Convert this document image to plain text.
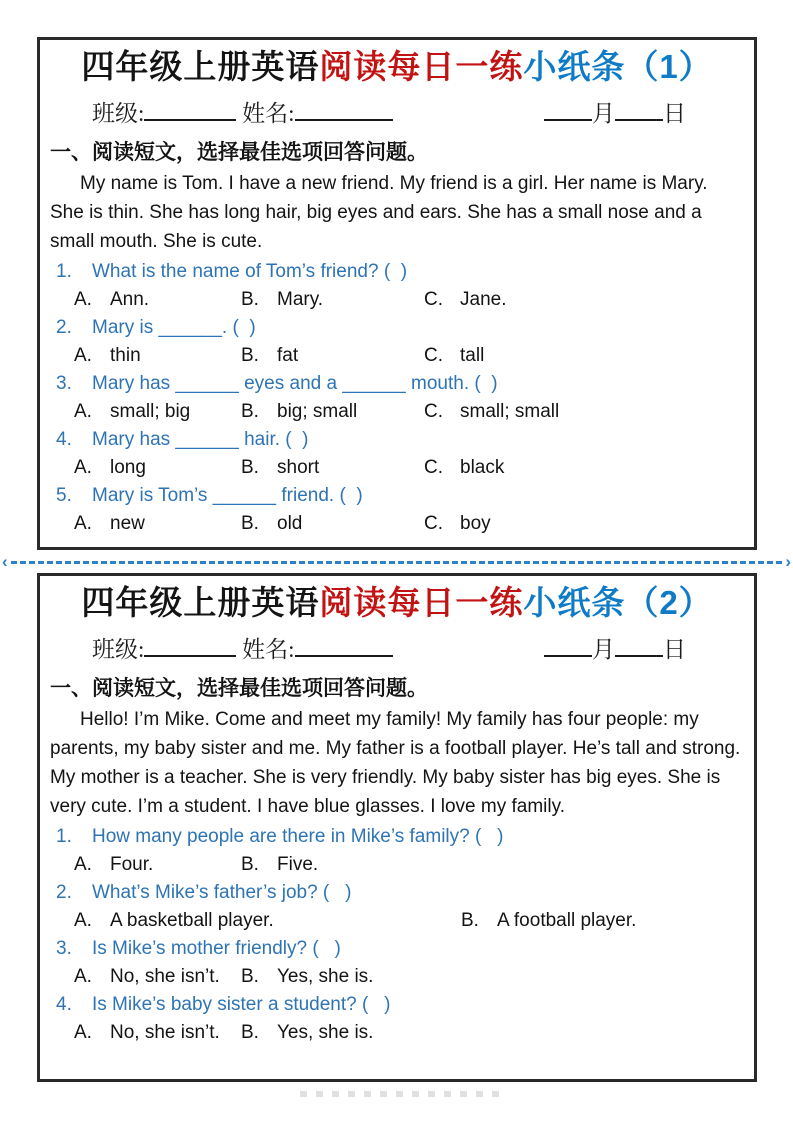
四年级上册英语阅读每日一练小纸条（1）
班级:	姓名:	月 日
一、阅读短文，选择最佳选项回答问题。
My name is Tom. I have a new friend. My friend is a girl. Her name is Mary. She is thin. She has long hair, big eyes and ears. She has a small nose and a small mouth. She is cute.
1.	What is the name of Tom’s friend? (  )
A. Ann.	B. Mary.	C. Jane.
2.	Mary is ______. (  )
A. thin	B. fat	C. tall
3.	Mary has ______ eyes and a ______ mouth. (  )
A. small; big	B. big; small	C. small; small
4.	Mary has ______ hair. (  )
A. long	B. short	C. black
5.	Mary is Tom’s ______ friend. (  )
A. new	B. old	C. boy
‹	›
四年级上册英语阅读每日一练小纸条（2）
班级:	姓名:	月 日
一、阅读短文，选择最佳选项回答问题。
Hello! I’m Mike. Come and meet my family! My family has four people: my parents, my baby sister and me. My father is a football player. He’s tall and strong. My mother is a teacher. She is very friendly. My baby sister has big eyes. She is very cute. I’m a student. I have blue glasses. I love my family.
1.	How many people are there in Mike’s family? (   )
A. Four.	B. Five.
2.	What’s Mike’s father’s job? (   )
A. A basketball player.	B. A football player.
3.	Is Mike’s mother friendly? (   )
A. No, she isn’t.	B. Yes, she is.
4.	Is Mike’s baby sister a student? (   )
A. No, she isn’t.	B. Yes, she is.
